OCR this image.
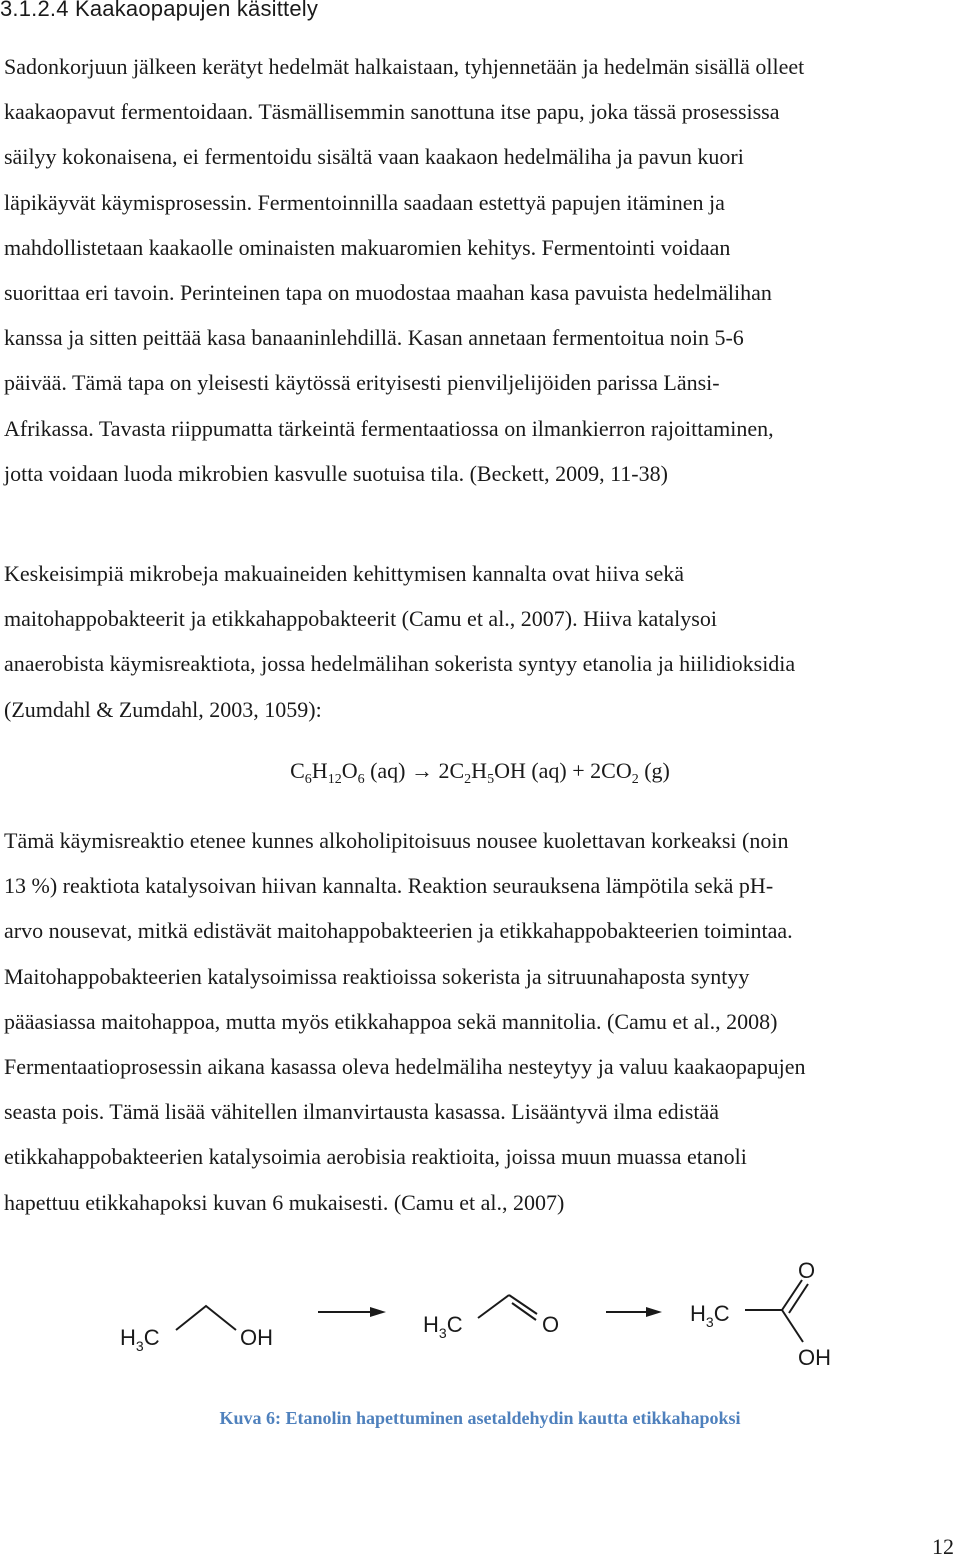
3.1.2.4 Kaakaopapujen käsittely

Sadonkorjuun jälkeen kerätyt hedelmät halkaistaan, tyhjennetään ja hedelmän sisällä olleet
kaakaopavut fermentoidaan. Täsmällisemmin sanottuna itse papu, joka tässä prosessissa
säilyy kokonaisena, ei fermentoidu sisältä vaan kaakaon hedelmäliha ja pavun kuori
läpikäyvät käymisprosessin. Fermentoinnilla saadaan estettyä papujen itäminen ja
mahdollistetaan kaakaolle ominaisten makuaromien kehitys. Fermentointi voidaan
suorittaa eri tavoin. Perinteinen tapa on muodostaa maahan kasa pavuista hedelmälihan
kanssa ja sitten peittää kasa banaaninlehdillä. Kasan annetaan fermentoitua noin 5-6
päivää. Tämä tapa on yleisesti käytössä erityisesti pienviljelijöiden parissa Länsi-
Afrikassa. Tavasta riippumatta tärkeintä fermentaatiossa on ilmankierron rajoittaminen,
jotta voidaan luoda mikrobien kasvulle suotuisa tila. (Beckett, 2009, 11-38)

Keskeisimpiä mikrobeja makuaineiden kehittymisen kannalta ovat hiiva sekä
maitohappobakteerit ja etikkahappobakteerit (Camu et al., 2007). Hiiva katalysoi
anaerobista käymisreaktiota, jossa hedelmälihan sokerista syntyy etanolia ja hiilidioksidia
(Zumdahl & Zumdahl, 2003, 1059):

$C_6H_{12}O_6$ $(aq) \to 2C_2H_5OH$ $(aq) + 2CO_2$ (g)

Tämä käymisreaktio etenee kunnes alkoholipitoisuus nousee kuolettavan korkeaksi (noin
13 %) reaktiota katalysoivan hiivan kannalta. Reaktion seurauksena lämpötila sekä pH-
arvo nousevat, mitkä edistävät maitohappobakteerien ja etikkahappobakteerien toimintaa.
Maitohappobakteerien katalysoimissa reaktioissa sokerista ja sitruunahaposta syntyy
pääasiassa maitohappoa, mutta myös etikkahappoa sekä mannitolia. (Camu et al., 2008)
Fermentaatioprosessin aikana kasassa oleva hedelmäliha nesteytyy ja valuu kaakaopapujen
seasta pois. Tämä lisää vähitellen ilmanvirtausta kasassa. Lisääntyvä ilma edistää
etikkahappobakteerien katalysoimia aerobisia reaktioita, joissa muun muassa etanoli
hapettuu etikkahapoksi kuvan 6 mukaisesti. (Camu et al., 2007)

$H_3C$	OH
$H_3C$	O	$H_3C$
O
OH
Kuva 6: Etanolin hapettuminen asetaldehydin kautta etikkahapoksi
12
